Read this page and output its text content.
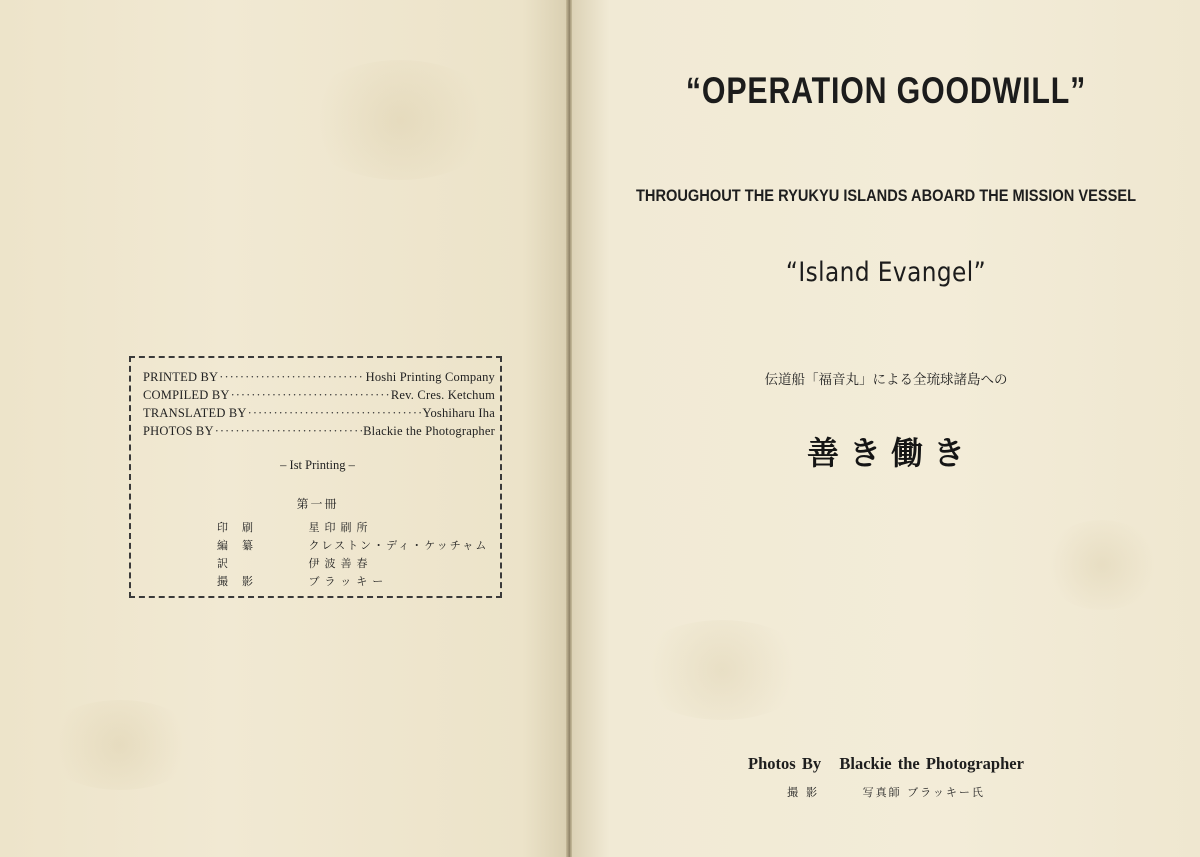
PRINTED BY ·····	Hoshi Printing Company
COMPILED BY ·····	Rev. Cres. Ketchum
TRANSLATED BY ·····	Yoshiharu Iha
PHOTOS BY ·····	Blackie the Photographer
– Ist Printing –
第一冊
印刷	星印刷所
編纂	クレストン・ディ・ケッチャム
訳	伊波善春
撮影	ブラッキー
“OPERATION GOODWILL”
THROUGHOUT THE RYUKYU ISLANDS ABOARD THE MISSION VESSEL
“Island Evangel”
伝道船「福音丸」による全琉球諸島への
善き働き
Photos By Blackie the Photographer
撮影	写真師 ブラッキー氏
